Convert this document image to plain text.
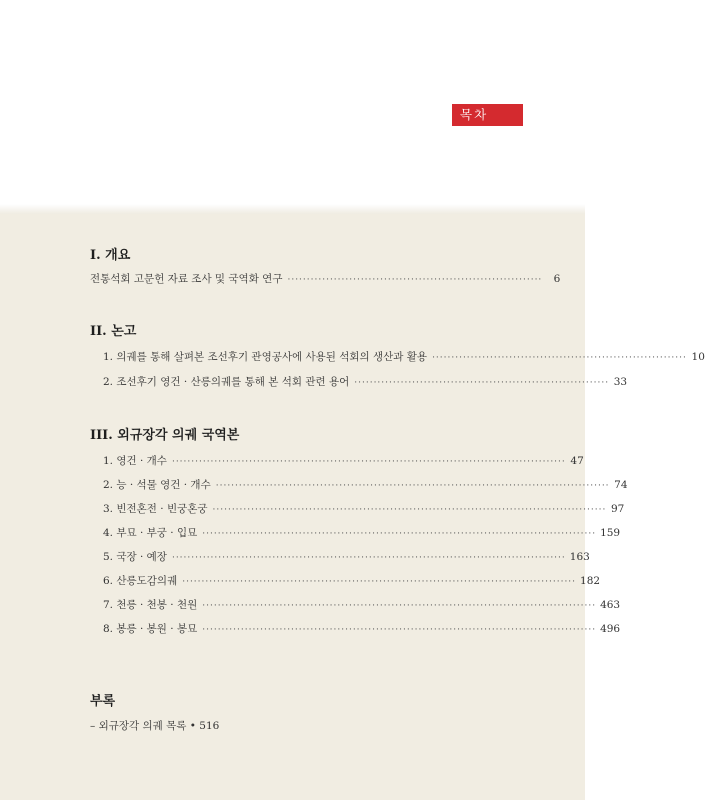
목차
I. 개요
전통석회 고문헌 자료 조사 및 국역화 연구 ··································································	6
II. 논고
1. 의궤를 통해 살펴본 조선후기 관영공사에 사용된 석회의 생산과 활용 ·································································· 10
2. 조선후기 영건 · 산릉의궤를 통해 본 석회 관련 용어 ·································································· 33
III. 외규장각 의궤 국역본
1. 영건 · 개수 ······································································································ 47
2. 능 · 석물 영건 · 개수 ······································································································ 74
3. 빈전혼전 · 빈궁혼궁 ······································································································ 97
4. 부묘 · 부궁 · 입묘 ······································································································ 159
5. 국장 · 예장 ······································································································ 163
6. 산릉도감의궤 ······································································································ 182
7. 천릉 · 천봉 · 천원 ······································································································ 463
8. 봉릉 · 봉원 · 봉묘 ······································································································ 496
부록
– 외규장각 의궤 목록 • 516
